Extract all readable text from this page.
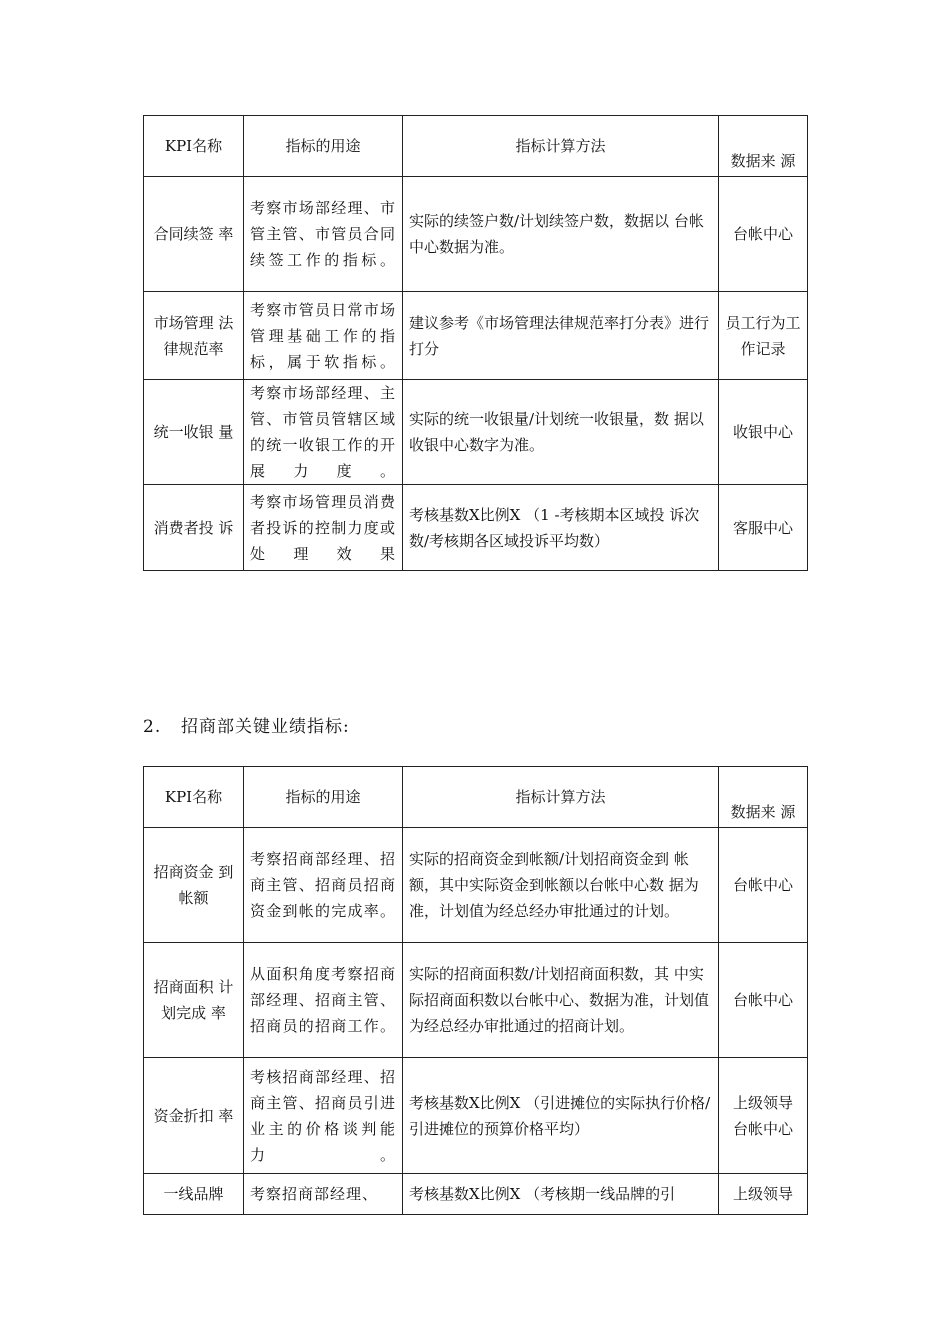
KPI名称	指标的用途	指标计算方法	数据来 源
合同续签 率	考察市场部经理、市管主管、市管员合同续签工作的指标。	实际的续签户数/计划续签户数，数据以 台帐中心数据为准。	台帐中心
市场管理 法律规范率	考察市管员日常市场管理基础工作的指标，属于软指标。	建议参考《市场管理法律规范率打分表》进行 打分	员工行为工作记录
统一收银 量	考察市场部经理、主管、市管员管辖区域的统一收银工作的开展力度。	实际的统一收银量/计划统一收银量，数 据以收银中心数字为准。	收银中心
消费者投 诉	考察市场管理员消费者投诉的控制力度或处理效果	考核基数X比例X （1 -考核期本区域投 诉次数/考核期各区域投诉平均数）	客服中心
2. 招商部关键业绩指标:
KPI名称	指标的用途	指标计算方法	数据来 源
招商资金 到帐额	考察招商部经理、招商主管、招商员招商资金到帐的完成率。	实际的招商资金到帐额/计划招商资金到 帐额，其中实际资金到帐额以台帐中心数 据为准，计划值为经总经办审批通过的计划。	台帐中心
招商面积 计划完成 率	从面积角度考察招商部经理、招商主管、招商员的招商工作。	实际的招商面积数/计划招商面积数，其 中实际招商面积数以台帐中心、数据为准，计划值为经总经办审批通过的招商计划。	台帐中心
资金折扣 率	考核招商部经理、招商主管、招商员引进业主的价格谈判能力。	考核基数X比例X （引进摊位的实际执行价格/引进摊位的预算价格平均）	上级领导 台帐中心
一线品牌	考察招商部经理、	考核基数X比例X （考核期一线品牌的引	上级领导
